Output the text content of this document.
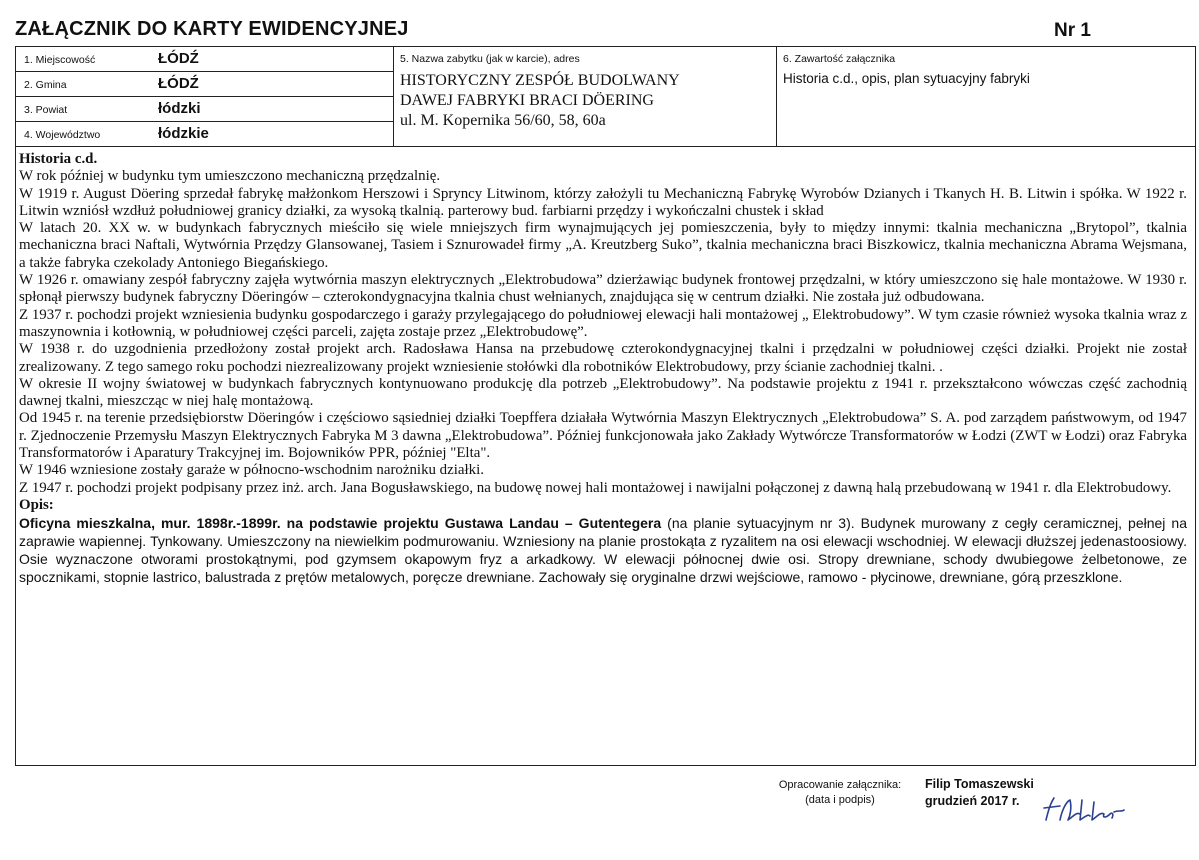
ZAŁĄCZNIK DO KARTY EWIDENCYJNEJ	Nr 1
1. Miejscowość	ŁÓDŹ
2. Gmina	ŁÓDŹ
3. Powiat	łódzki
4. Województwo	łódzkie
5. Nazwa zabytku (jak w karcie), adres
HISTORYCZNY ZESPÓŁ BUDOLWANY
DAWEJ FABRYKI BRACI DÖERING
ul. M. Kopernika 56/60, 58, 60a
6. Zawartość załącznika
Historia c.d., opis, plan sytuacyjny fabryki

Historia c.d.

W rok później w budynku tym umieszczono mechaniczną przędzalnię.

W 1919 r. August Döering sprzedał fabrykę małżonkom Herszowi i Spryncy Litwinom, którzy założyli tu Mechaniczną Fabrykę Wyrobów Dzianych i Tkanych H. B. Litwin i spółka. W 1922 r. Litwin wzniósł wzdłuż południowej granicy działki, za wysoką tkalnią. parterowy bud. farbiarni przędzy i wykończalni chustek i skład

W latach 20. XX w. w budynkach fabrycznych mieściło się wiele mniejszych firm wynajmujących jej pomieszczenia, były to między innymi: tkalnia mechaniczna „Brytopol”, tkalnia mechaniczna braci Naftali, Wytwórnia Przędzy Glansowanej, Tasiem i Sznurowadeł firmy „A. Kreutzberg Suko”, tkalnia mechaniczna braci Biszkowicz, tkalnia mechaniczna Abrama Wejsmana, a także fabryka czekolady Antoniego Biegańskiego.

W 1926 r. omawiany zespół fabryczny zajęła wytwórnia maszyn elektrycznych „Elektrobudowa” dzierżawiąc budynek frontowej przędzalni, w który umieszczono się hale montażowe. W 1930 r. spłonął pierwszy budynek fabryczny Döeringów – czterokondygnacyjna tkalnia chust wełnianych, znajdująca się w centrum działki. Nie została już odbudowana.

Z 1937 r. pochodzi projekt wzniesienia budynku gospodarczego i garaży przylegającego do południowej elewacji hali montażowej „ Elektrobudowy”. W tym czasie również wysoka tkalnia wraz z maszynownia i kotłownią, w południowej części parceli, zajęta zostaje przez „Elektrobudowę”.

W 1938 r. do uzgodnienia przedłożony został projekt arch. Radosława Hansa na przebudowę czterokondygnacyjnej tkalni i przędzalni w południowej części działki. Projekt nie został zrealizowany. Z tego samego roku pochodzi niezrealizowany projekt wzniesienie stołówki dla robotników Elektrobudowy, przy ścianie zachodniej tkalni. .

W okresie II wojny światowej w budynkach fabrycznych kontynuowano produkcję dla potrzeb „Elektrobudowy”. Na podstawie projektu z 1941 r. przekształcono wówczas część zachodnią dawnej tkalni, mieszcząc w niej halę montażową.

Od 1945 r. na terenie przedsiębiorstw Döeringów i częściowo sąsiedniej działki Toepffera działała Wytwórnia Maszyn Elektrycznych „Elektrobudowa” S. A. pod zarządem państwowym, od 1947 r. Zjednoczenie Przemysłu Maszyn Elektrycznych Fabryka M 3 dawna „Elektrobudowa”. Później funkcjonowała jako Zakłady Wytwórcze Transformatorów w Łodzi (ZWT w Łodzi) oraz Fabryka Transformatorów i Aparatury Trakcyjnej im. Bojowników PPR, później "Elta".

W 1946 wzniesione zostały garaże w północno-wschodnim narożniku działki.

Z 1947 r. pochodzi projekt podpisany przez inż. arch. Jana Bogusławskiego, na budowę nowej hali montażowej i nawijalni połączonej z dawną halą przebudowaną w 1941 r. dla Elektrobudowy.

Opis:

Oficyna mieszkalna, mur. 1898r.-1899r. na podstawie projektu Gustawa Landau – Gutentegera (na planie sytuacyjnym nr 3). Budynek murowany z cegły ceramicznej, pełnej na zaprawie wapiennej. Tynkowany. Umieszczony na niewielkim podmurowaniu. Wzniesiony na planie prostokąta z ryzalitem na osi elewacji wschodniej. W elewacji dłuższej jedenastoosiowy. Osie wyznaczone otworami prostokątnymi, pod gzymsem okapowym fryz a arkadkowy. W elewacji północnej dwie osi. Stropy drewniane, schody dwubiegowe żelbetonowe, ze spocznikami, stopnie lastrico, balustrada z prętów metalowych, poręcze drewniane. Zachowały się oryginalne drzwi wejściowe, ramowo - płycinowe, drewniane, górą przeszklone.

Opracowanie załącznika:
(data i podpis)
Filip Tomaszewski
grudzień 2017 r.
